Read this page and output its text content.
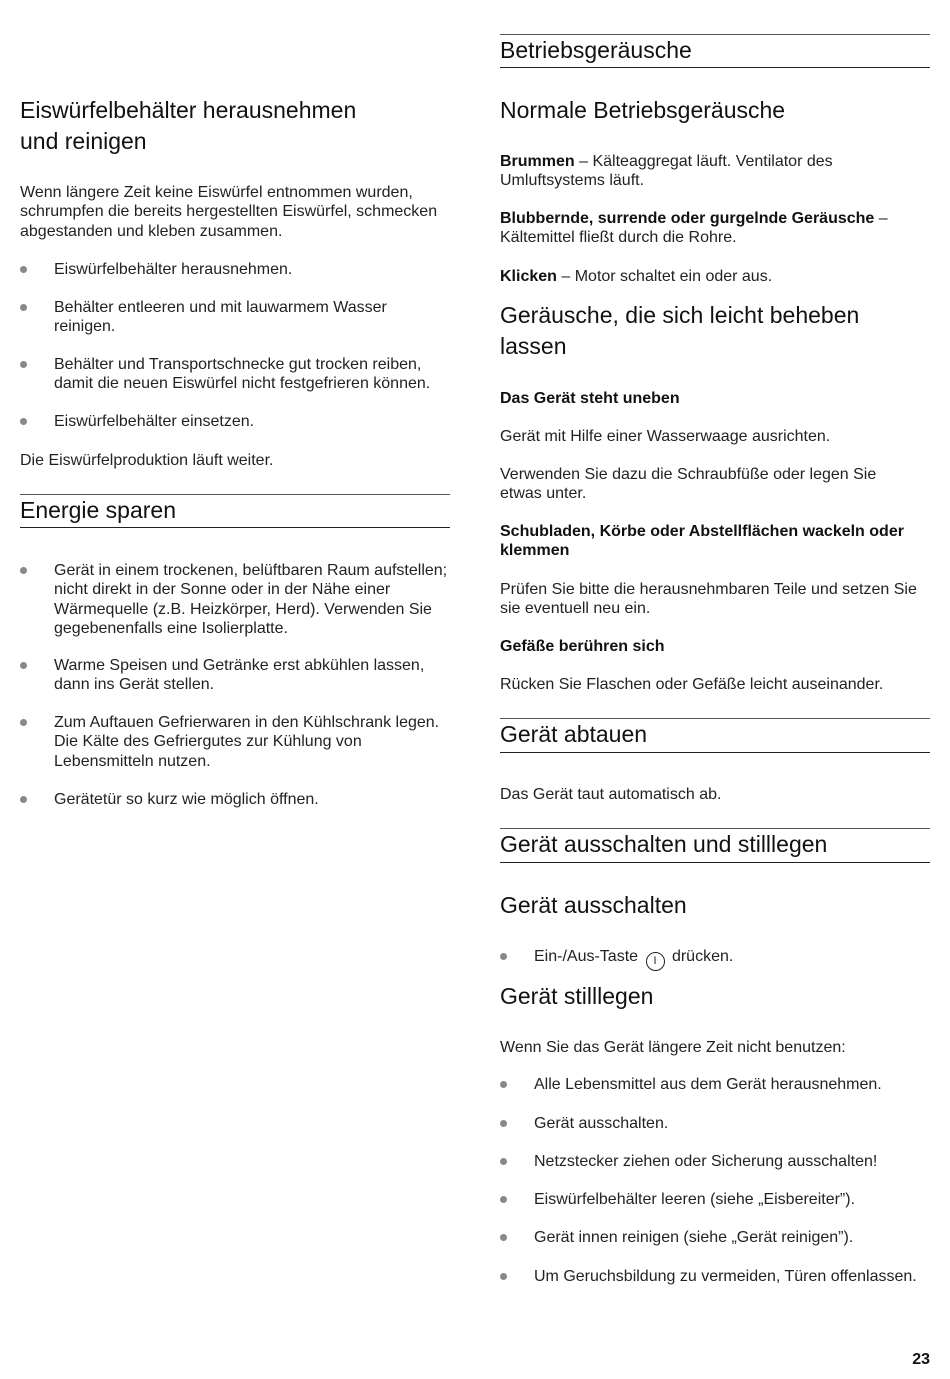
Eiswürfelbehälter herausnehmen
und reinigen

Wenn längere Zeit keine Eiswürfel entnommen wurden, schrumpfen die bereits hergestellten Eiswürfel, schmecken abgestanden und kleben zusammen.

Eiswürfelbehälter herausnehmen.
Behälter entleeren und mit lauwarmem Wasser reinigen.
Behälter und Transportschnecke gut trocken reiben, damit die neuen Eiswürfel nicht festgefrieren können.
Eiswürfelbehälter einsetzen.

Die Eiswürfelproduktion läuft weiter.

Energie sparen
Gerät in einem trockenen, belüftbaren Raum aufstellen; nicht direkt in der Sonne oder in der Nähe einer Wärmequelle (z.B. Heizkörper, Herd). Verwenden Sie gegebenenfalls eine Isolierplatte.
Warme Speisen und Getränke erst abkühlen lassen, dann ins Gerät stellen.
Zum Auftauen Gefrierwaren in den Kühlschrank legen. Die Kälte des Gefriergutes zur Kühlung von Lebensmitteln nutzen.
Gerätetür so kurz wie möglich öffnen.
Betriebsgeräusche
Normale Betriebsgeräusche

Brummen – Kälteaggregat läuft. Ventilator des Umluftsystems läuft.

Blubbernde, surrende oder gurgelnde Geräusche – Kältemittel fließt durch die Rohre.

Klicken – Motor schaltet ein oder aus.

Geräusche, die sich leicht beheben
lassen
Das Gerät steht uneben

Gerät mit Hilfe einer Wasserwaage ausrichten.

Verwenden Sie dazu die Schraubfüße oder legen Sie etwas unter.

Schubladen, Körbe oder Abstellflächen wackeln oder klemmen

Prüfen Sie bitte die herausnehmbaren Teile und setzen Sie sie eventuell neu ein.

Gefäße berühren sich

Rücken Sie Flaschen oder Gefäße leicht auseinander.

Gerät abtauen

Das Gerät taut automatisch ab.

Gerät ausschalten und stilllegen
Gerät ausschalten
Ein-/Aus-Taste I drücken.
Gerät stilllegen

Wenn Sie das Gerät längere Zeit nicht benutzen:

Alle Lebensmittel aus dem Gerät herausnehmen.
Gerät ausschalten.
Netzstecker ziehen oder Sicherung ausschalten!
Eiswürfelbehälter leeren (siehe „Eisbereiter”).
Gerät innen reinigen (siehe „Gerät reinigen”).
Um Geruchsbildung zu vermeiden, Türen offenlassen.
23
